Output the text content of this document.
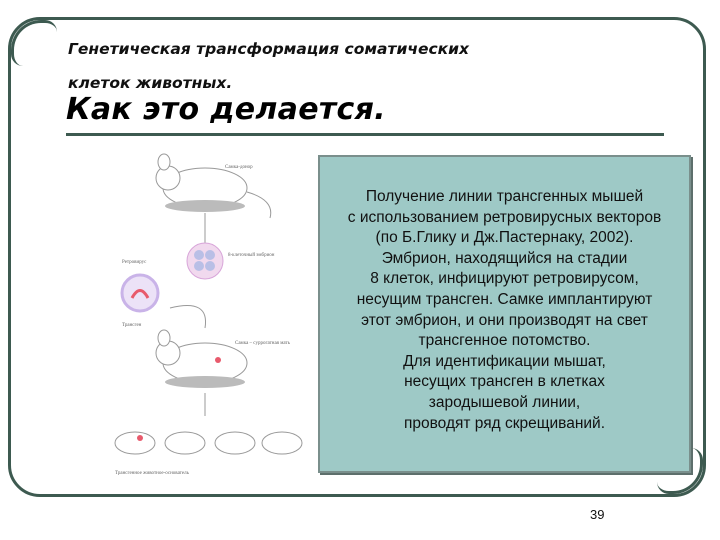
Генетическая трансформация соматических
клеток животных.
Как это делается.
Самка-донор
8-клеточный эмбрион
Ретровирус
Трансген
Самка – суррогатная мать
Трансгенное животное-основатель
Получение линии трансгенных мышей
с использованием ретровирусных векторов
(по Б.Глику и Дж.Пастернаку, 2002).
Эмбрион, находящийся на стадии
8 клеток, инфицируют ретровирусом,
несущим трансген. Самке имплантируют
этот эмбрион, и они производят на свет
трансгенное потомство.
Для идентификации мышат,
несущих трансген в клетках
зародышевой линии,
проводят ряд скрещиваний.
39
